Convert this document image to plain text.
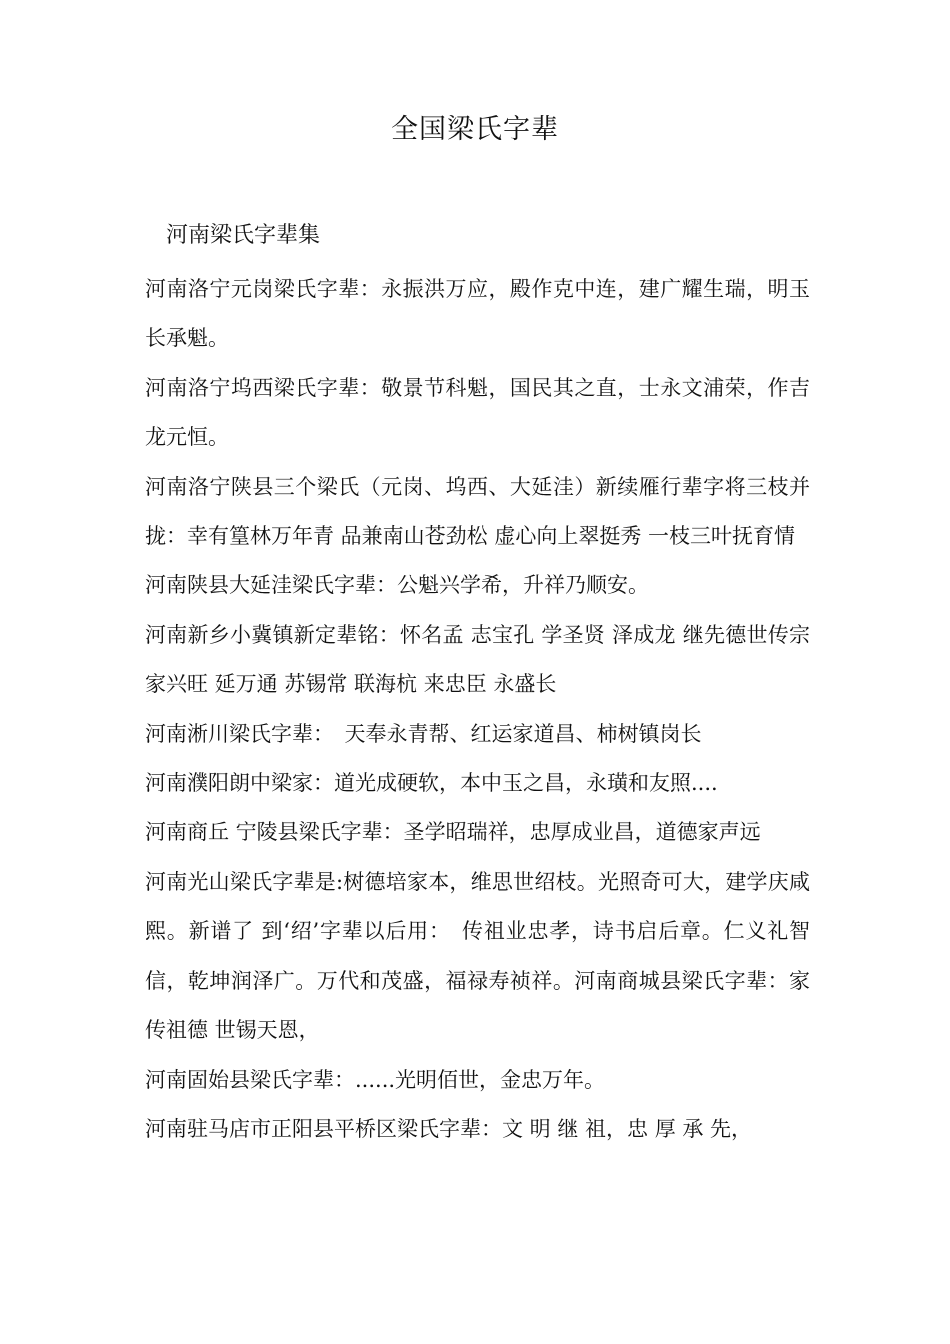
全国梁氏字辈
河南梁氏字辈集

河南洛宁元岗梁氏字辈：永振洪万应，殿作克中连，建广耀生瑞，明玉长承魁。

河南洛宁坞西梁氏字辈：敬景节科魁，国民其之直，士永文浦荣，作吉龙元恒。

河南洛宁陕县三个梁氏（元岗、坞西、大延洼）新续雁行辈字将三枝并拢：幸有篁林万年青 品兼南山苍劲松 虚心向上翠挺秀 一枝三叶抚育情

河南陕县大延洼梁氏字辈：公魁兴学希，升祥乃顺安。

河南新乡小冀镇新定辈铭：怀名孟 志宝孔 学圣贤 泽成龙 继先德世传宗 家兴旺 延万通 苏锡常 联海杭 来忠臣 永盛长

河南淅川梁氏字辈：　天奉永青帮、红运家道昌、柿树镇岗长

河南濮阳朗中梁家：道光成硬软，本中玉之昌，永璜和友照....

河南商丘 宁陵县梁氏字辈：圣学昭瑞祥，忠厚成业昌，道德家声远

河南光山梁氏字辈是:树德培家本，维思世绍枝。光照奇可大，建学庆咸熙。新谱了 到‘绍’字辈以后用：　传祖业忠孝，诗书启后章。仁义礼智信，乾坤润泽广。万代和茂盛，福禄寿祯祥。河南商城县梁氏字辈：家传祖德 世锡天恩，

河南固始县梁氏字辈：......光明佰世，金忠万年。

河南驻马店市正阳县平桥区梁氏字辈：文 明 继 祖，忠 厚 承 先，
